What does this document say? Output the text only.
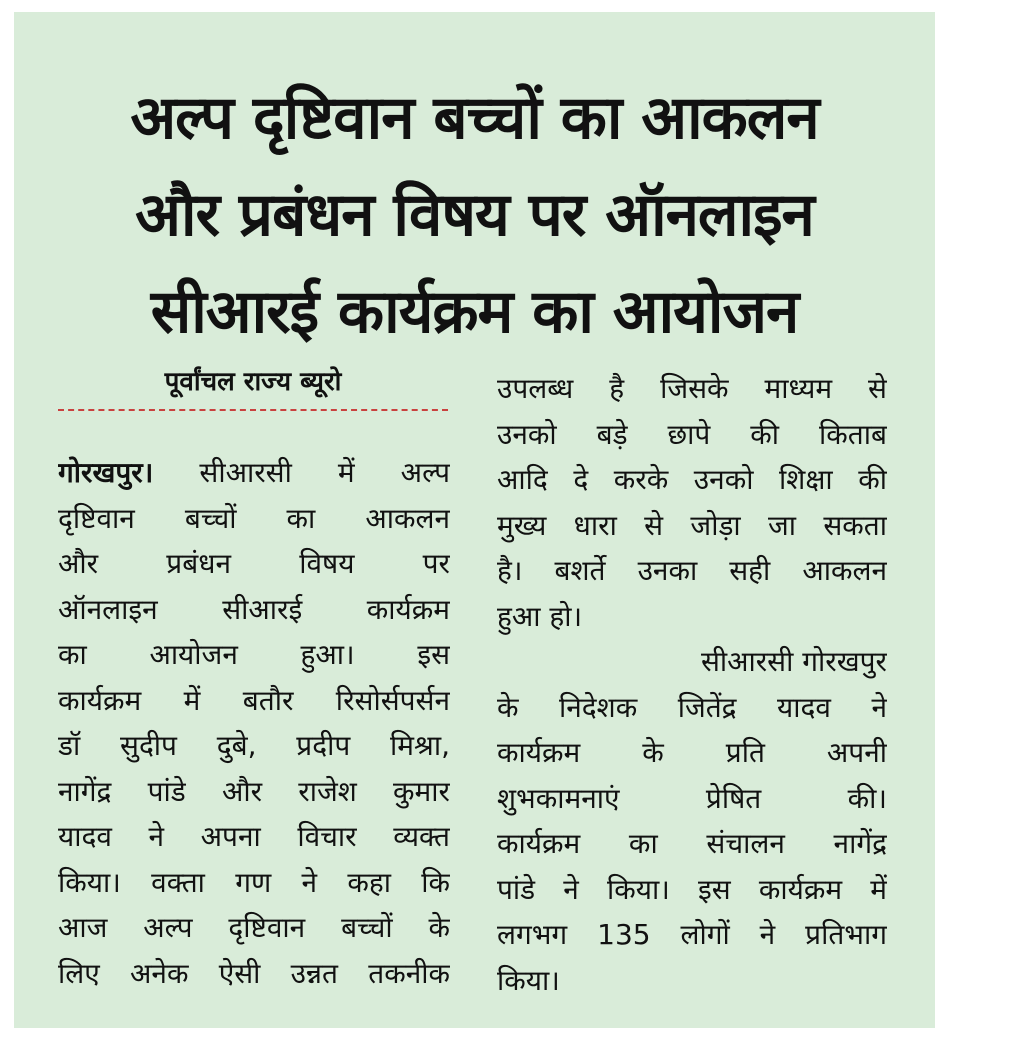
अल्प दृष्टिवान बच्चों का आकलन
और प्रबंधन विषय पर ऑनलाइन
सीआरई कार्यक्रम का आयोजन
पूर्वांचल राज्य ब्यूरो
गोरखपुर। सीआरसी में अल्प
दृष्टिवान बच्चों का आकलन
और प्रबंधन विषय पर
ऑनलाइन सीआरई कार्यक्रम
का आयोजन हुआ। इस
कार्यक्रम में बतौर रिसोर्सपर्सन
डॉ सुदीप दुबे, प्रदीप मिश्रा,
नागेंद्र पांडे और राजेश कुमार
यादव ने अपना विचार व्यक्त
किया। वक्ता गण ने कहा कि
आज अल्प दृष्टिवान बच्चों के
लिए अनेक ऐसी उन्नत तकनीक
उपलब्ध है जिसके माध्यम से
उनको बड़े छापे की किताब
आदि दे करके उनको शिक्षा की
मुख्य धारा से जोड़ा जा सकता
है। बशर्ते उनका सही आकलन
हुआ हो।
सीआरसी गोरखपुर
के निदेशक जितेंद्र यादव ने
कार्यक्रम के प्रति अपनी
शुभकामनाएं प्रेषित की।
कार्यक्रम का संचालन नागेंद्र
पांडे ने किया। इस कार्यक्रम में
लगभग 135 लोगों ने प्रतिभाग
किया।
